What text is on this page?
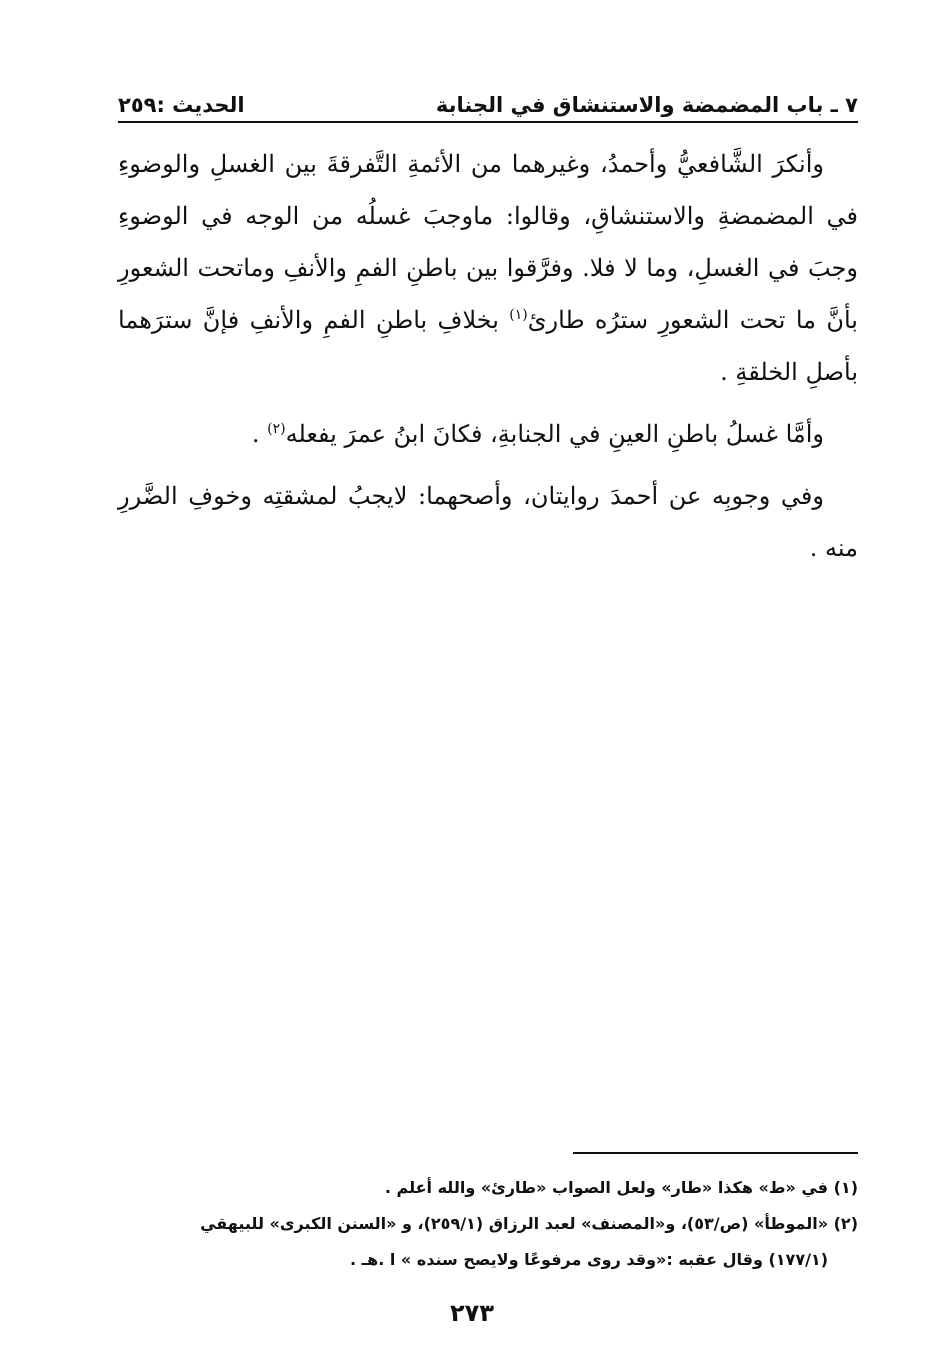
٧ ـ باب المضمضة والاستنشاق في الجنابة
الحديث :٢٥٩

وأنكرَ الشَّافعيُّ وأحمدُ، وغيرهما من الأئمةِ التَّفرقةَ بين الغسلِ والوضوءِ في المضمضةِ والاستنشاقِ، وقالوا: ماوجبَ غسلُه من الوجه في الوضوءِ وجبَ في الغسلِ، وما لا فلا. وفرَّقوا بين باطنِ الفمِ والأنفِ وماتحت الشعورِ بأنَّ ما تحت الشعورِ سترُه طارئ$^{(١)}$ بخلافِ باطنِ الفمِ والأنفِ فإنَّ سترَهما بأصلِ الخلقةِ .

وأمَّا غسلُ باطنِ العينِ في الجنابةِ، فكانَ ابنُ عمرَ يفعله$^{(٢)}$ .

وفي وجوبِه عن أحمدَ روايتان، وأصحهما: لايجبُ لمشقتِه وخوفِ الضَّررِ منه .

(١) في «ط» هكذا «طار» ولعل الصواب «طارئ» والله أعلم .

(٢) «الموطأ» (ص/٥٣)، و«المصنف» لعبد الرزاق (٢٥٩/١)، و «السنن الكبرى» للبيهقي

(١٧٧/١) وقال عقبه :«وقد روى مرفوعًا ولايصح سنده » ا .هـ .

٢٧٣
